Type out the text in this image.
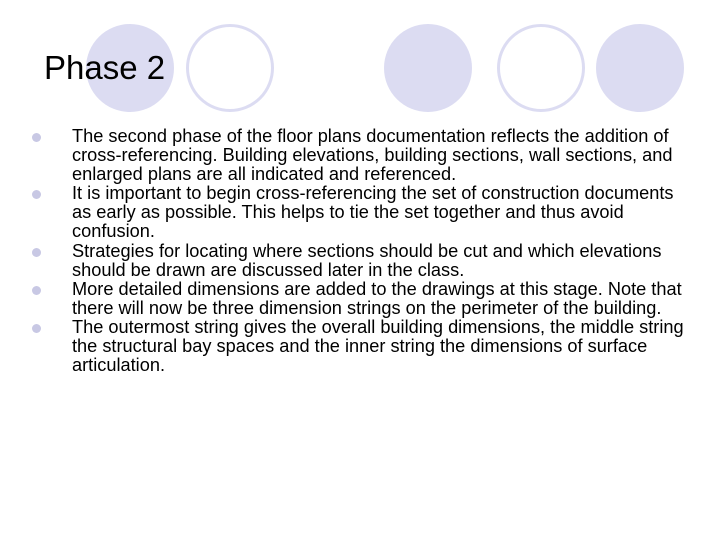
Phase 2
The second phase of the floor plans documentation reflects the addition of cross-referencing. Building elevations, building sections, wall sections, and enlarged plans are all indicated and referenced.
It is important to begin cross-referencing the set of construction documents as early as possible. This helps to tie the set together and thus avoid confusion.
Strategies for locating where sections should be cut and which elevations should be drawn are discussed later in the class.
More detailed dimensions are added to the drawings at this stage. Note that there will now be three dimension strings on the perimeter of the building.
The outermost string gives the overall building dimensions, the middle string the structural bay spaces and the inner string the dimensions of surface articulation.
